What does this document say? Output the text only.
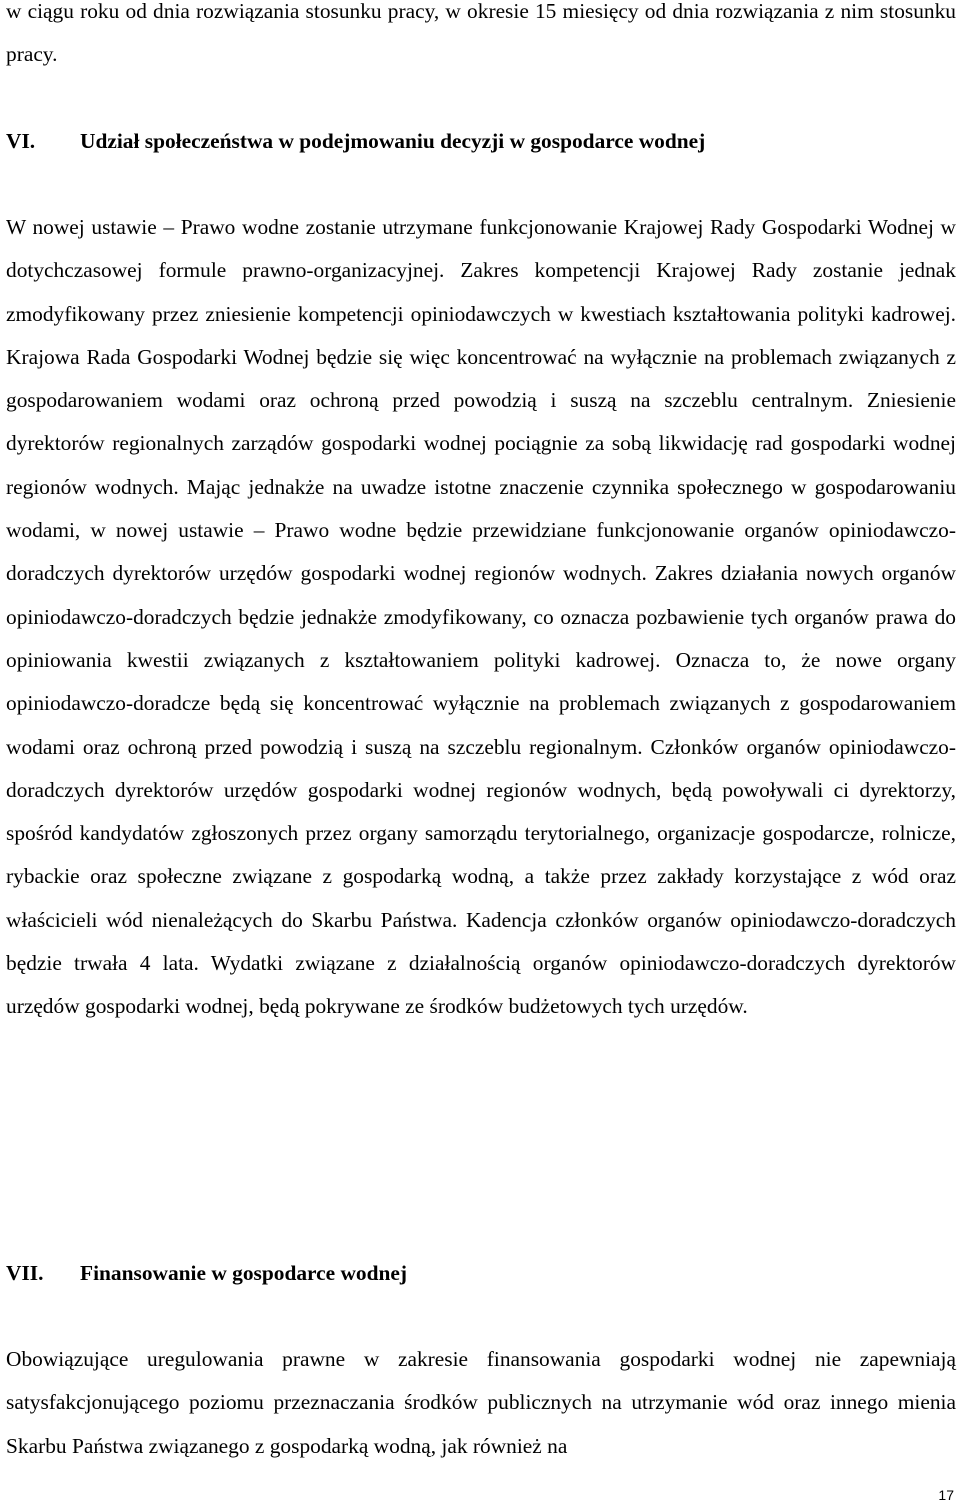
w ciągu roku od dnia rozwiązania stosunku pracy, w okresie 15 miesięcy od dnia rozwiązania z nim stosunku pracy.

VI. Udział społeczeństwa w podejmowaniu decyzji w gospodarce wodnej

W nowej ustawie – Prawo wodne zostanie utrzymane funkcjonowanie Krajowej Rady Gospodarki Wodnej w dotychczasowej formule prawno-organizacyjnej. Zakres kompetencji Krajowej Rady zostanie jednak zmodyfikowany przez zniesienie kompetencji opiniodawczych w kwestiach kształtowania polityki kadrowej. Krajowa Rada Gospodarki Wodnej będzie się więc koncentrować na wyłącznie na problemach związanych z gospodarowaniem wodami oraz ochroną przed powodzią i suszą na szczeblu centralnym. Zniesienie dyrektorów regionalnych zarządów gospodarki wodnej pociągnie za sobą likwidację rad gospodarki wodnej regionów wodnych. Mając jednakże na uwadze istotne znaczenie czynnika społecznego w gospodarowaniu wodami, w nowej ustawie – Prawo wodne będzie przewidziane funkcjonowanie organów opiniodawczo-doradczych dyrektorów urzędów gospodarki wodnej regionów wodnych. Zakres działania nowych organów opiniodawczo-doradczych będzie jednakże zmodyfikowany, co oznacza pozbawienie tych organów prawa do opiniowania kwestii związanych z kształtowaniem polityki kadrowej. Oznacza to, że nowe organy opiniodawczo-doradcze będą się koncentrować wyłącznie na problemach związanych z gospodarowaniem wodami oraz ochroną przed powodzią i suszą na szczeblu regionalnym. Członków organów opiniodawczo-doradczych dyrektorów urzędów gospodarki wodnej regionów wodnych, będą powoływali ci dyrektorzy, spośród kandydatów zgłoszonych przez organy samorządu terytorialnego, organizacje gospodarcze, rolnicze, rybackie oraz społeczne związane z gospodarką wodną, a także przez zakłady korzystające z wód oraz właścicieli wód nienależących do Skarbu Państwa. Kadencja członków organów opiniodawczo-doradczych będzie trwała 4 lata. Wydatki związane z działalnością organów opiniodawczo-doradczych dyrektorów urzędów gospodarki wodnej, będą pokrywane ze środków budżetowych tych urzędów.

VII. Finansowanie w gospodarce wodnej

Obowiązujące uregulowania prawne w zakresie finansowania gospodarki wodnej nie zapewniają satysfakcjonującego poziomu przeznaczania środków publicznych na utrzymanie wód oraz innego mienia Skarbu Państwa związanego z gospodarką wodną, jak również na

17
